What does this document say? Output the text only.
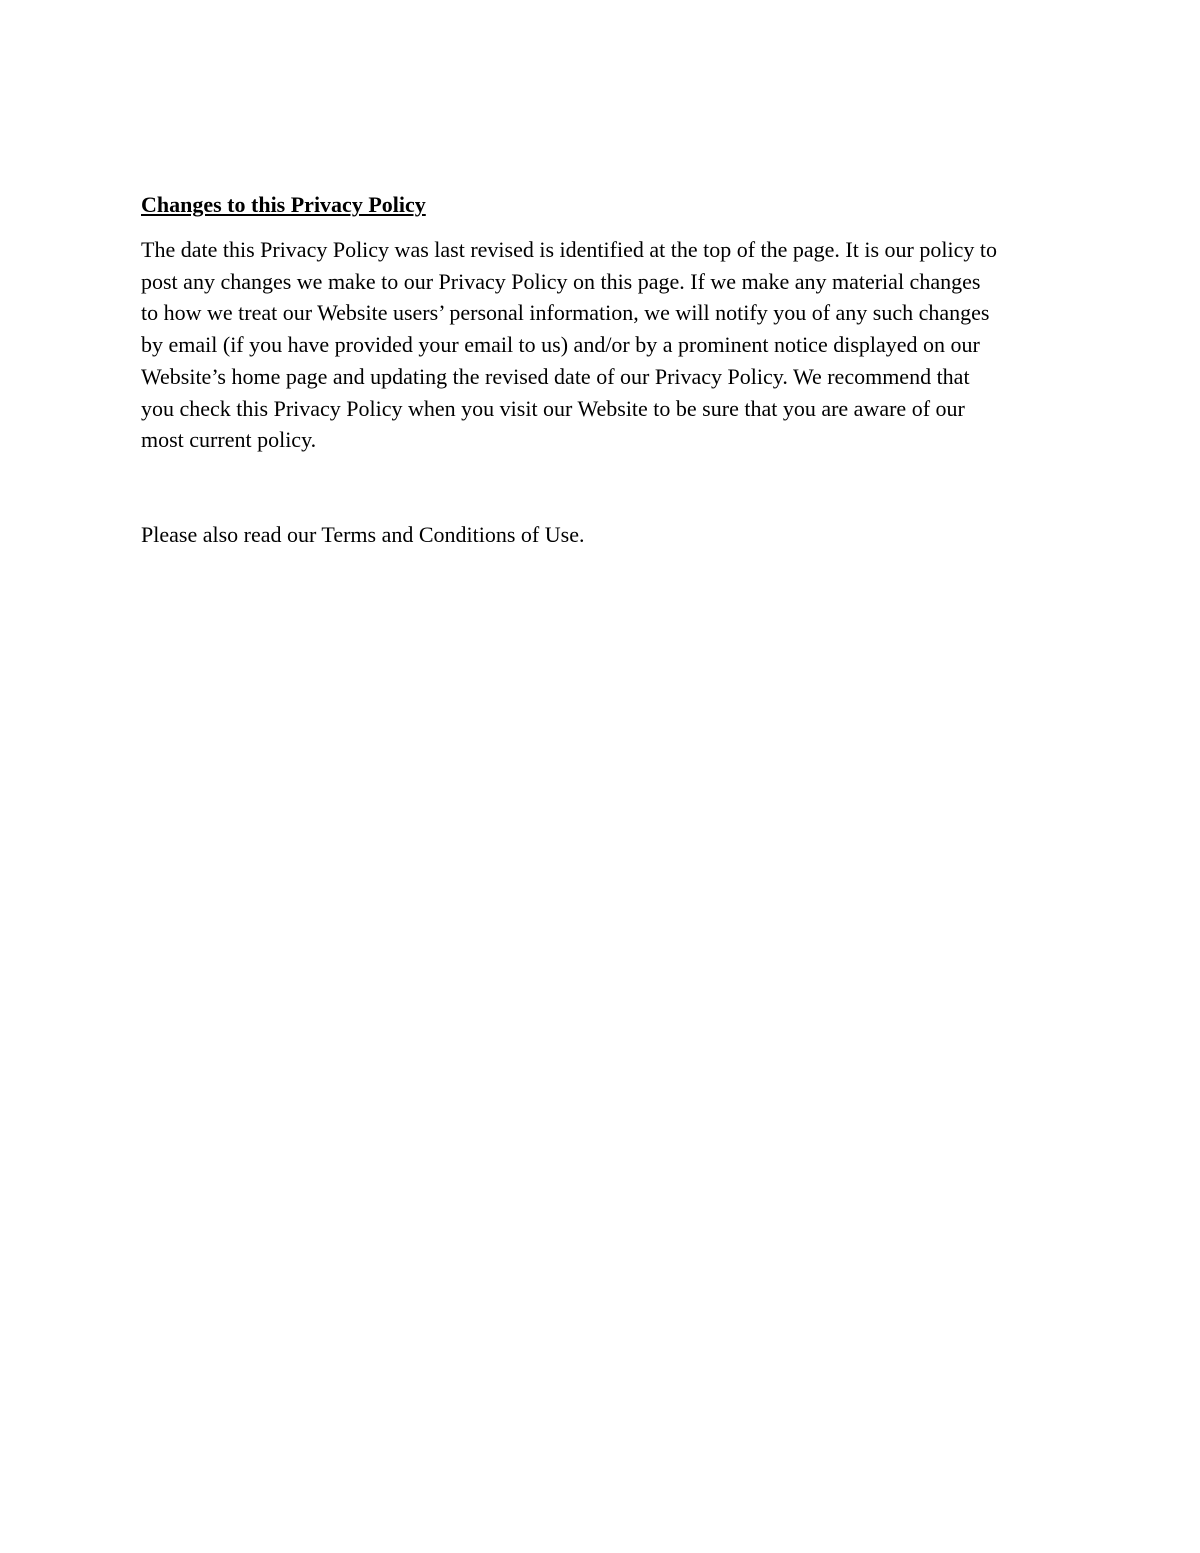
Changes to this Privacy Policy

The date this Privacy Policy was last revised is identified at the top of the page. It is our policy to
post any changes we make to our Privacy Policy on this page. If we make any material changes
to how we treat our Website users’ personal information, we will notify you of any such changes
by email (if you have provided your email to us) and/or by a prominent notice displayed on our
Website’s home page and updating the revised date of our Privacy Policy. We recommend that
you check this Privacy Policy when you visit our Website to be sure that you are aware of our
most current policy.

Please also read our Terms and Conditions of Use.
